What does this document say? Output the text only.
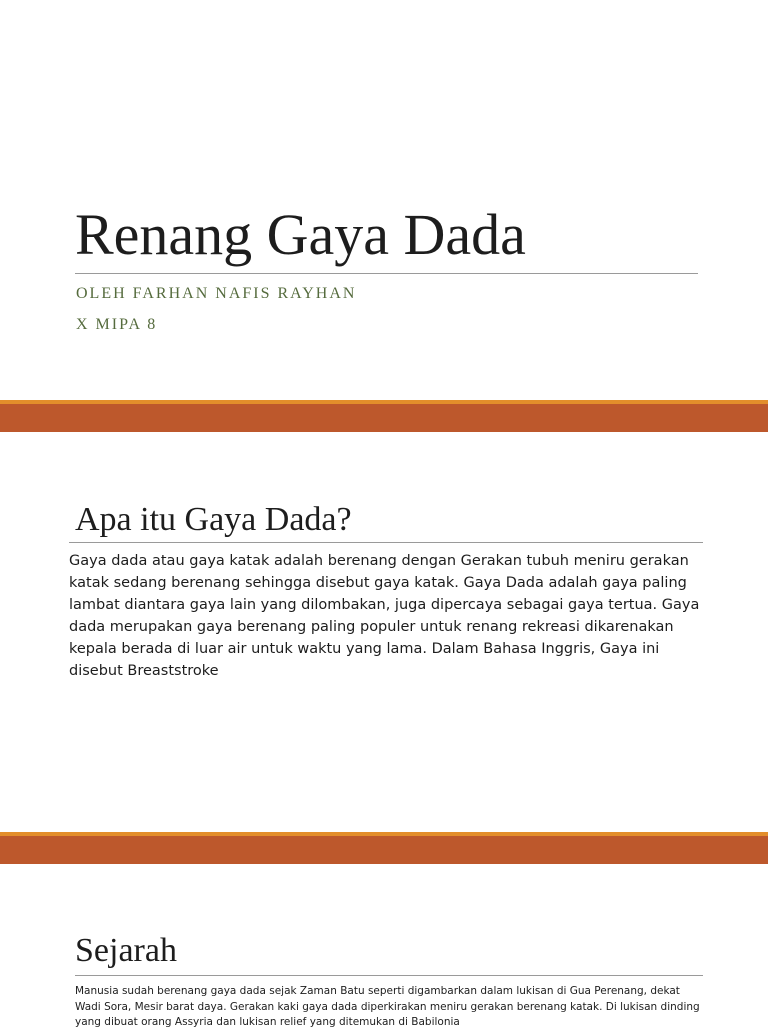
Renang Gaya Dada

OLEH FARHAN NAFIS RAYHAN

X MIPA 8

Apa itu Gaya Dada?

Gaya dada atau gaya katak adalah berenang dengan Gerakan tubuh meniru gerakan katak sedang berenang sehingga disebut gaya katak. Gaya Dada adalah gaya paling lambat diantara gaya lain yang dilombakan, juga dipercaya sebagai gaya tertua. Gaya dada merupakan gaya berenang paling populer untuk renang rekreasi dikarenakan kepala berada di luar air untuk waktu yang lama. Dalam Bahasa Inggris, Gaya ini disebut Breaststroke

Sejarah

Manusia sudah berenang gaya dada sejak Zaman Batu seperti digambarkan dalam lukisan di Gua Perenang, dekat Wadi Sora, Mesir barat daya. Gerakan kaki gaya dada diperkirakan meniru gerakan berenang katak. Di lukisan dinding yang dibuat orang Assyria dan lukisan relief yang ditemukan di Babilonia
